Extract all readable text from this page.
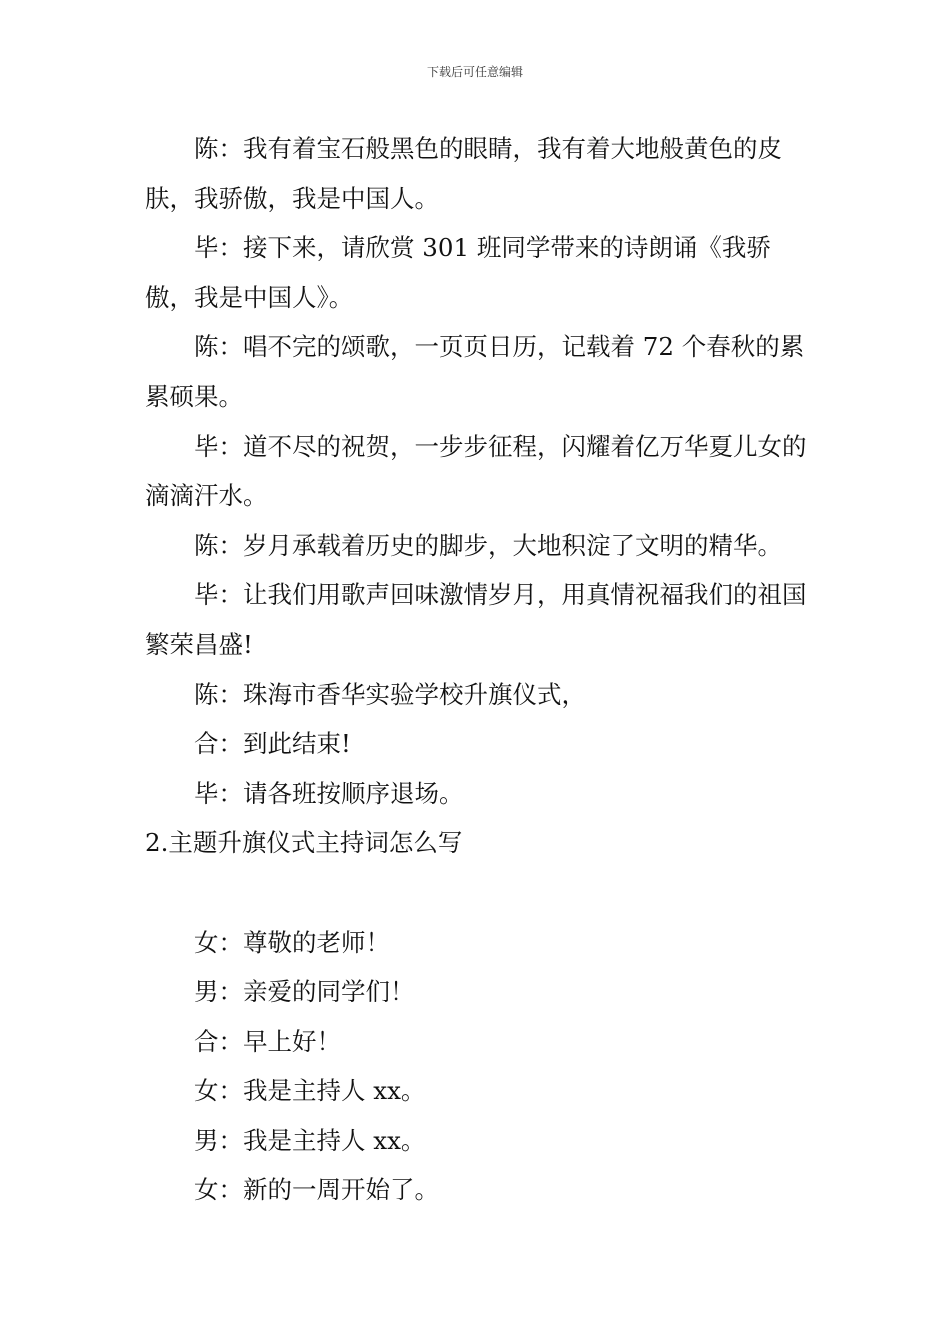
下载后可任意编辑

陈：我有着宝石般黑色的眼睛，我有着大地般黄色的皮肤，我骄傲，我是中国人。

毕：接下来，请欣赏 301 班同学带来的诗朗诵《我骄傲，我是中国人》。

陈：唱不完的颂歌，一页页日历，记载着 72 个春秋的累累硕果。

毕：道不尽的祝贺，一步步征程，闪耀着亿万华夏儿女的滴滴汗水。

陈：岁月承载着历史的脚步，大地积淀了文明的精华。

毕：让我们用歌声回味激情岁月，用真情祝福我们的祖国繁荣昌盛!

陈：珠海市香华实验学校升旗仪式，

合：到此结束!

毕：请各班按顺序退场。

2.主题升旗仪式主持词怎么写

女：尊敬的老师！

男：亲爱的同学们！

合：早上好！

女：我是主持人 xx。

男：我是主持人 xx。

女：新的一周开始了。
